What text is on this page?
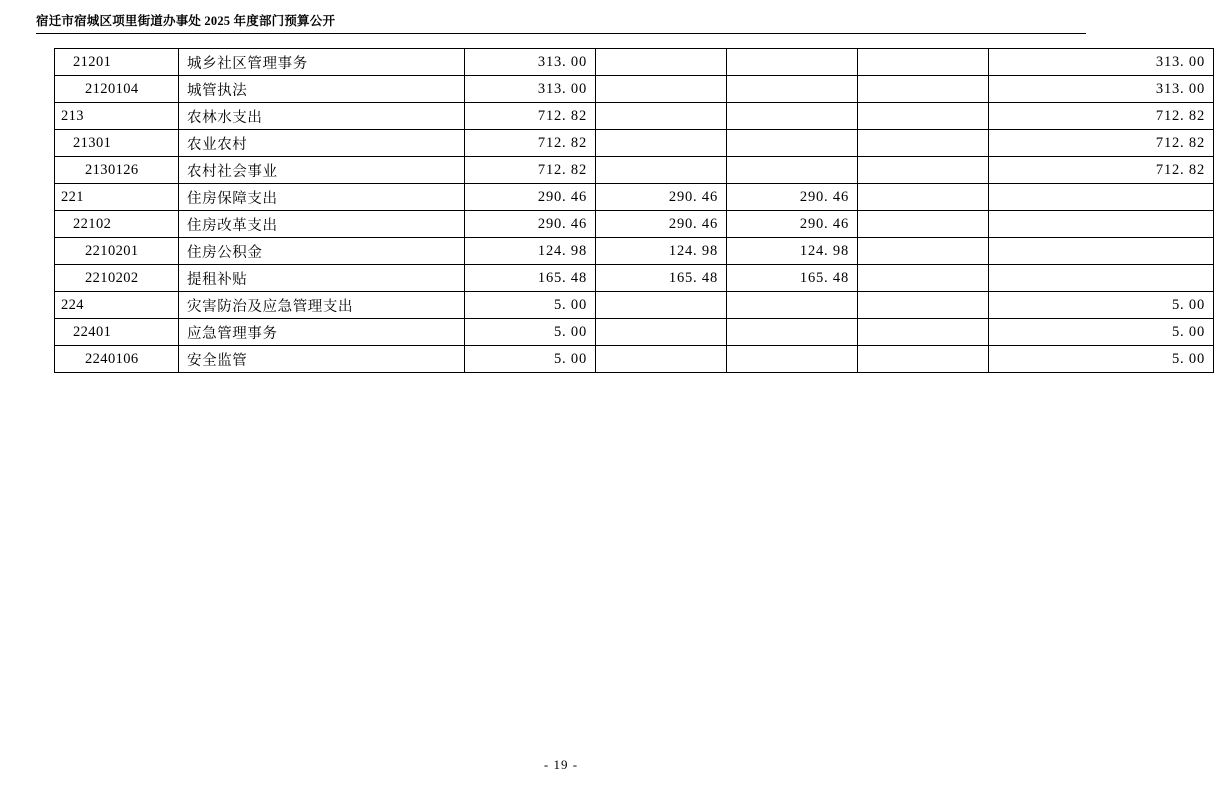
宿迁市宿城区项里街道办事处 2025 年度部门预算公开
21201	城乡社区管理事务	313. 00				313. 00
2120104	城管执法	313. 00				313. 00
213	农林水支出	712. 82				712. 82
21301	农业农村	712. 82				712. 82
2130126	农村社会事业	712. 82				712. 82
221	住房保障支出	290. 46	290. 46	290. 46		
22102	住房改革支出	290. 46	290. 46	290. 46		
2210201	住房公积金	124. 98	124. 98	124. 98		
2210202	提租补贴	165. 48	165. 48	165. 48		
224	灾害防治及应急管理支出	5. 00				5. 00
22401	应急管理事务	5. 00				5. 00
2240106	安全监管	5. 00				5. 00
- 19 -
